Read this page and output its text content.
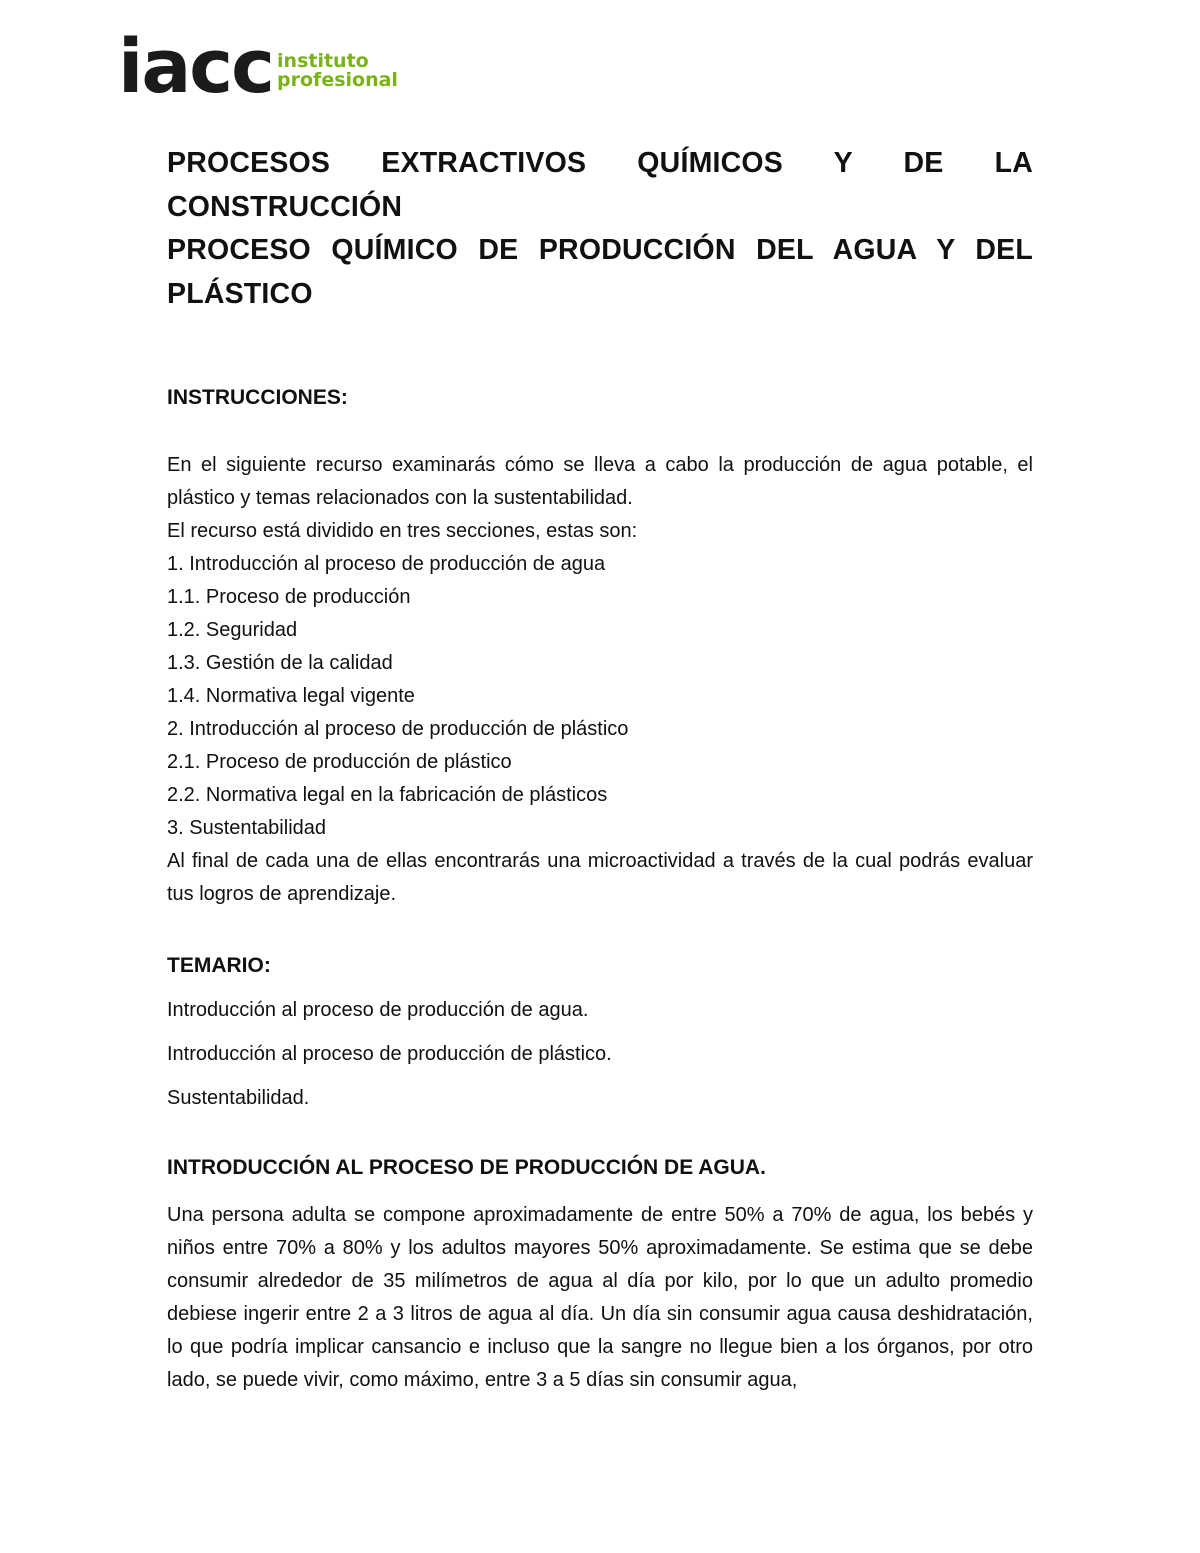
iacc instituto
profesional
PROCESOS EXTRACTIVOS QUÍMICOS Y DE LA
CONSTRUCCIÓN
PROCESO QUÍMICO DE PRODUCCIÓN DEL AGUA Y DEL
PLÁSTICO
INSTRUCCIONES:

En el siguiente recurso examinarás cómo se lleva a cabo la producción de agua potable, el plástico y temas relacionados con la sustentabilidad.

El recurso está dividido en tres secciones, estas son:

1. Introducción al proceso de producción de agua
1.1. Proceso de producción
1.2. Seguridad
1.3. Gestión de la calidad
1.4. Normativa legal vigente
2. Introducción al proceso de producción de plástico
2.1. Proceso de producción de plástico
2.2. Normativa legal en la fabricación de plásticos
3. Sustentabilidad

Al final de cada una de ellas encontrarás una microactividad a través de la cual podrás evaluar tus logros de aprendizaje.

TEMARIO:

Introducción al proceso de producción de agua.

Introducción al proceso de producción de plástico.

Sustentabilidad.

INTRODUCCIÓN AL PROCESO DE PRODUCCIÓN DE AGUA.

Una persona adulta se compone aproximadamente de entre 50% a 70% de agua, los bebés y niños entre 70% a 80% y los adultos mayores 50% aproximadamente. Se estima que se debe consumir alrededor de 35 milímetros de agua al día por kilo, por lo que un adulto promedio debiese ingerir entre 2 a 3 litros de agua al día. Un día sin consumir agua causa deshidratación, lo que podría implicar cansancio e incluso que la sangre no llegue bien a los órganos, por otro lado, se puede vivir, como máximo, entre 3 a 5 días sin consumir agua,
